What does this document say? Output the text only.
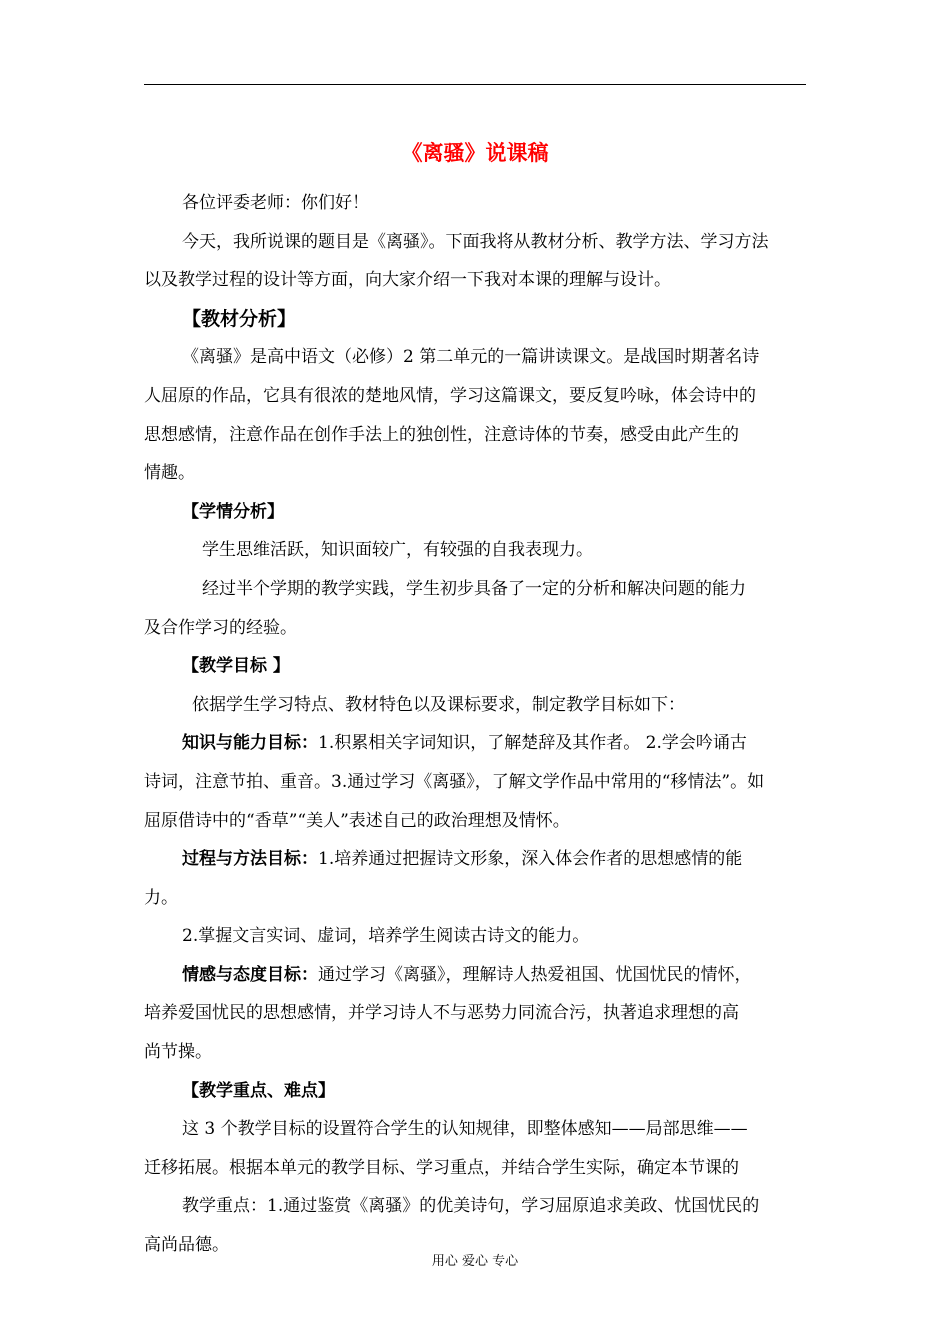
《离骚》说课稿
各位评委老师：你们好！
今天，我所说课的题目是《离骚》。下面我将从教材分析、教学方法、学习方法
以及教学过程的设计等方面，向大家介绍一下我对本课的理解与设计。
【教材分析】
《离骚》是高中语文（必修）2 第二单元的一篇讲读课文。是战国时期著名诗
人屈原的作品，它具有很浓的楚地风情，学习这篇课文，要反复吟咏，体会诗中的
思想感情，注意作品在创作手法上的独创性，注意诗体的节奏，感受由此产生的
情趣。
【学情分析】
学生思维活跃，知识面较广，有较强的自我表现力。
经过半个学期的教学实践，学生初步具备了一定的分析和解决问题的能力
及合作学习的经验。
【教学目标 】
依据学生学习特点、教材特色以及课标要求，制定教学目标如下：
知识与能力目标：1.积累相关字词知识，了解楚辞及其作者。 2.学会吟诵古
诗词，注意节拍、重音。3.通过学习《离骚》，了解文学作品中常用的“移情法”。如
屈原借诗中的“香草”“美人”表述自己的政治理想及情怀。
过程与方法目标：1.培养通过把握诗文形象，深入体会作者的思想感情的能
力。
2.掌握文言实词、虚词，培养学生阅读古诗文的能力。
情感与态度目标：通过学习《离骚》，理解诗人热爱祖国、忧国忧民的情怀，
培养爱国忧民的思想感情，并学习诗人不与恶势力同流合污，执著追求理想的高
尚节操。
【教学重点、难点】
这 3 个教学目标的设置符合学生的认知规律，即整体感知——局部思维——
迁移拓展。根据本单元的教学目标、学习重点，并结合学生实际，确定本节课的
教学重点：1.通过鉴赏《离骚》的优美诗句，学习屈原追求美政、忧国忧民的
高尚品德。
用心 爱心 专心
